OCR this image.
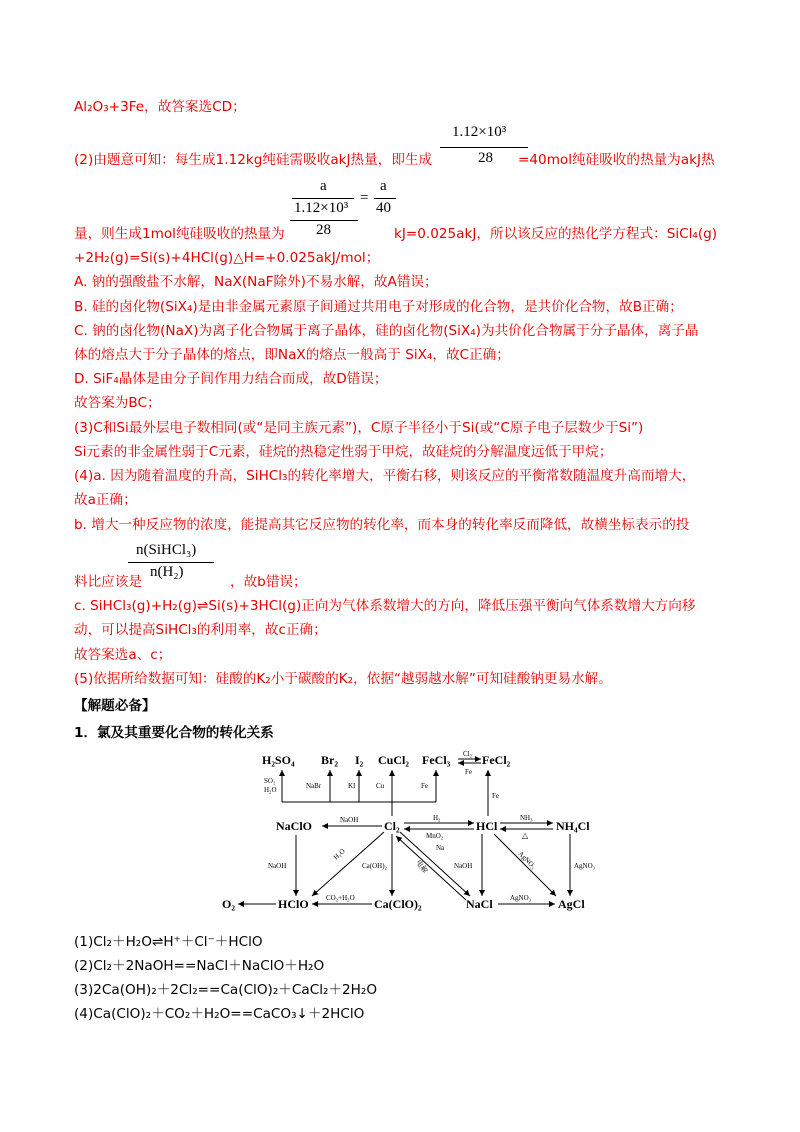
Al₂O₃+3Fe，故答案选CD；
(2)由题意可知：每生成1.12kg纯硅需吸收akJ热量，即生成
1.12×10³
28 =40mol纯硅吸收的热量为akJ热
a
1.12×10³
28
=
a
40
量，则生成1mol纯硅吸收的热量为	kJ=0.025akJ，所以该反应的热化学方程式：SiCl₄(g)
+2H₂(g)=Si(s)+4HCl(g)△H=+0.025akJ/mol；
A. 钠的强酸盐不水解，NaX(NaF除外)不易水解，故A错误；
B. 硅的卤化物(SiX₄)是由非金属元素原子间通过共用电子对形成的化合物，是共价化合物，故B正确；
C. 钠的卤化物(NaX)为离子化合物属于离子晶体，硅的卤化物(SiX₄)为共价化合物属于分子晶体，离子晶
体的熔点大于分子晶体的熔点，即NaX的熔点一般高于 SiX₄，故C正确；
D. SiF₄晶体是由分子间作用力结合而成，故D错误；
故答案为BC；
(3)C和Si最外层电子数相同(或“是同主族元素”)，C原子半径小于Si(或“C原子电子层数少于Si”)
Si元素的非金属性弱于C元素，硅烷的热稳定性弱于甲烷，故硅烷的分解温度远低于甲烷；
(4)a. 因为随着温度的升高，SiHCl₃的转化率增大，平衡右移，则该反应的平衡常数随温度升高而增大，
故a正确；
b. 增大一种反应物的浓度，能提高其它反应物的转化率，而本身的转化率反而降低，故横坐标表示的投
n(SiHCl₃)
n(H₂)
料比应该是	，故b错误；
c. SiHCl₃(g)+H₂(g)⇌Si(s)+3HCl(g)正向为气体系数增大的方向，降低压强平衡向气体系数增大方向移
动，可以提高SiHCl₃的利用率，故c正确；
故答案选a、c；
(5)依据所给数据可知：硅酸的K₂小于碳酸的K₂，依据“越弱越水解”可知硅酸钠更易水解。
【解题必备】
1．氯及其重要化合物的转化关系
H₂SO₄ Br₂ I₂ CuCl₂ FeCl₃	FeCl₂
Cl₂
Fe
SO₂
H₂O	NaBr	KI	Cu	Fe
Fe
NaClO	Cl₂	HCl	NH₄Cl
NaOH	H₂
MnO₂
NH₃
△
NaOH
H₂O
Ca(OH)₂	电解
Na
NaOH	AgNO₃	AgNO₃
O₂	HClO	Ca(ClO)₂	NaCl	AgCl
CO₂+H₂O	AgNO₃
(1)Cl₂＋H₂O⇌H⁺＋Cl⁻＋HClO
(2)Cl₂＋2NaOH==NaCl＋NaClO＋H₂O
(3)2Ca(OH)₂＋2Cl₂==Ca(ClO)₂＋CaCl₂＋2H₂O
(4)Ca(ClO)₂＋CO₂＋H₂O==CaCO₃↓＋2HClO
